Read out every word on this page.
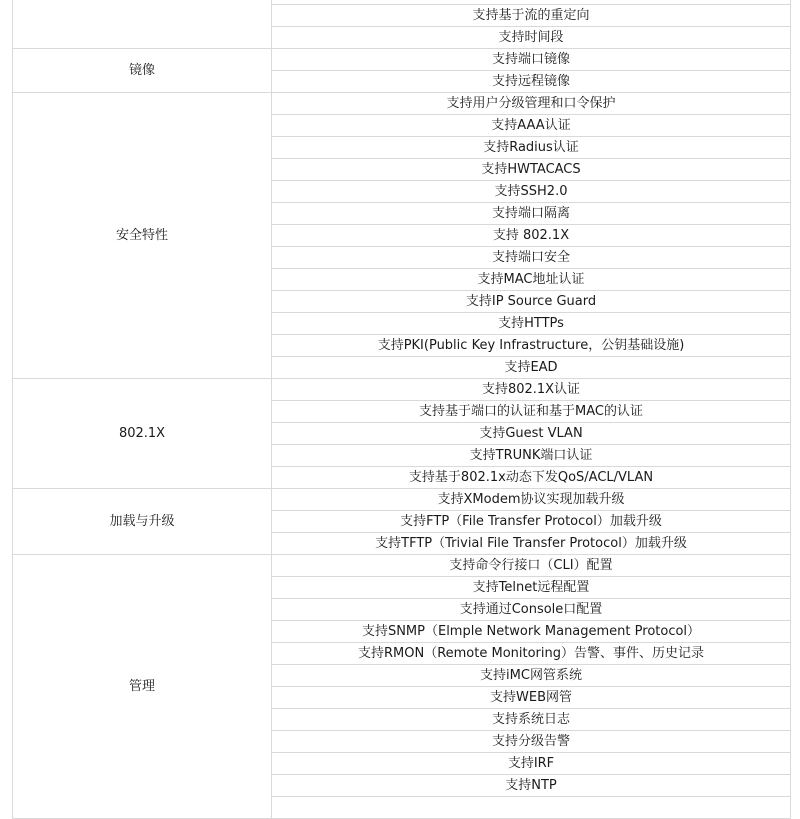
	支持基于流的重定向
	支持时间段
镜像	支持端口镜像
	支持远程镜像
安全特性	支持用户分级管理和口令保护
	支持AAA认证
	支持Radius认证
	支持HWTACACS
	支持SSH2.0
	支持端口隔离
	支持 802.1X
	支持端口安全
	支持MAC地址认证
	支持IP Source Guard
	支持HTTPs
	支持PKI(Public Key Infrastructure，公钥基础设施)
	支持EAD
802.1X	支持802.1X认证
	支持基于端口的认证和基于MAC的认证
	支持Guest VLAN
	支持TRUNK端口认证
	支持基于802.1x动态下发QoS/ACL/VLAN
加载与升级	支持XModem协议实现加载升级
	支持FTP（File Transfer Protocol）加载升级
	支持TFTP（Trivial File Transfer Protocol）加载升级
管理	支持命令行接口（CLI）配置
	支持Telnet远程配置
	支持通过Console口配置
	支持SNMP（Elmple Network Management Protocol）
	支持RMON（Remote Monitoring）告警、事件、历史记录
	支持iMC网管系统
	支持WEB网管
	支持系统日志
	支持分级告警
	支持IRF
	支持NTP
